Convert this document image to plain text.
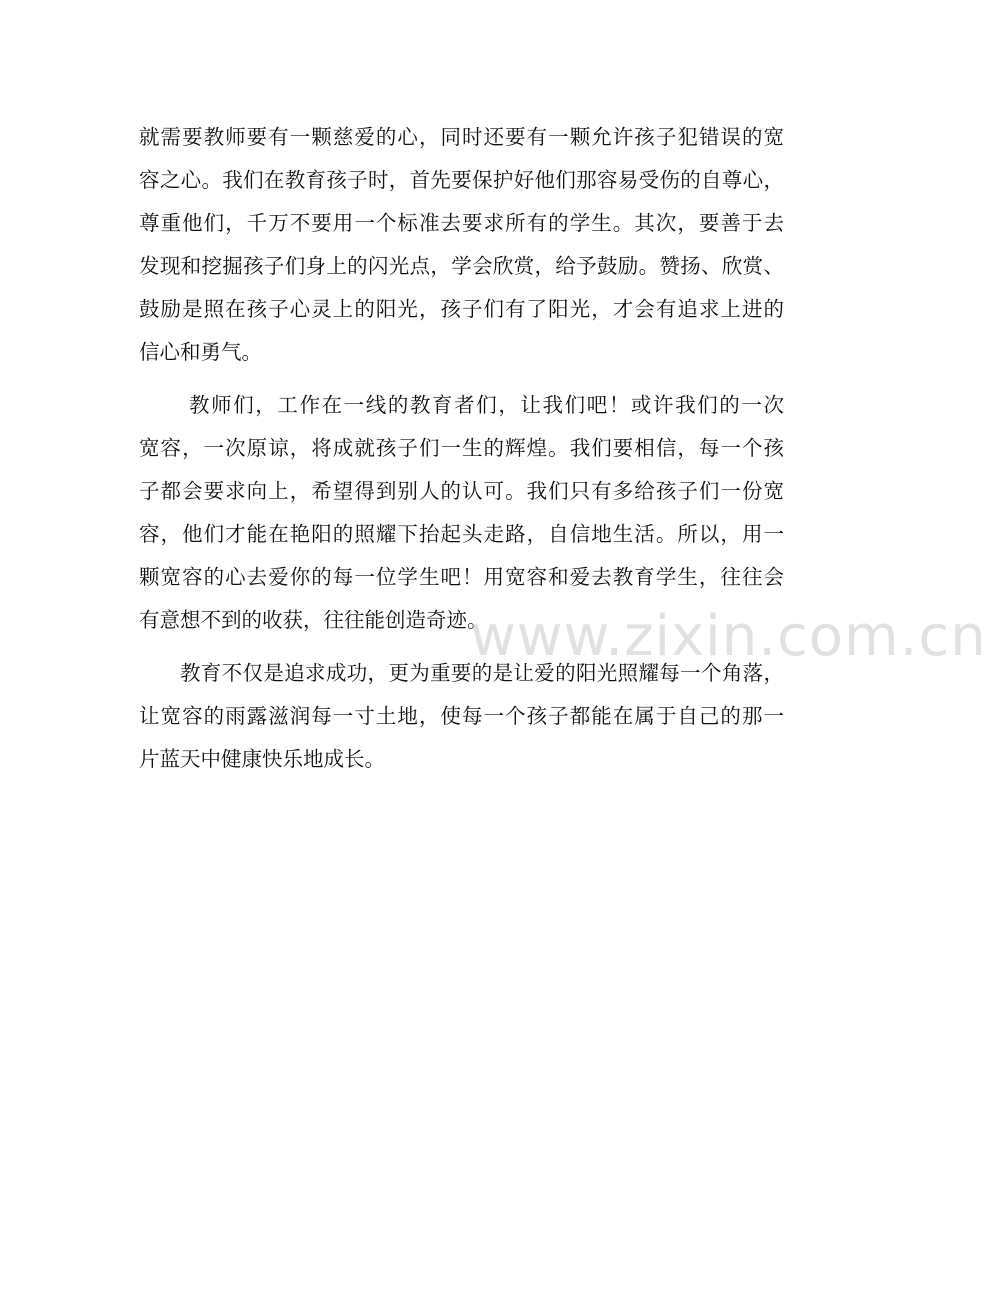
就需要教师要有一颗慈爱的心，同时还要有一颗允许孩子犯错误的宽
容之心。我们在教育孩子时，首先要保护好他们那容易受伤的自尊心，
尊重他们，千万不要用一个标准去要求所有的学生。其次，要善于去
发现和挖掘孩子们身上的闪光点，学会欣赏，给予鼓励。赞扬、欣赏、
鼓励是照在孩子心灵上的阳光，孩子们有了阳光，才会有追求上进的
信心和勇气。
教师们，工作在一线的教育者们，让我们吧！或许我们的一次
宽容，一次原谅，将成就孩子们一生的辉煌。我们要相信，每一个孩
子都会要求向上，希望得到别人的认可。我们只有多给孩子们一份宽
容，他们才能在艳阳的照耀下抬起头走路，自信地生活。所以，用一
颗宽容的心去爱你的每一位学生吧！用宽容和爱去教育学生，往往会
有意想不到的收获，往往能创造奇迹。
教育不仅是追求成功，更为重要的是让爱的阳光照耀每一个角落，
让宽容的雨露滋润每一寸土地，使每一个孩子都能在属于自己的那一
片蓝天中健康快乐地成长。
www.zixin.com.cn
